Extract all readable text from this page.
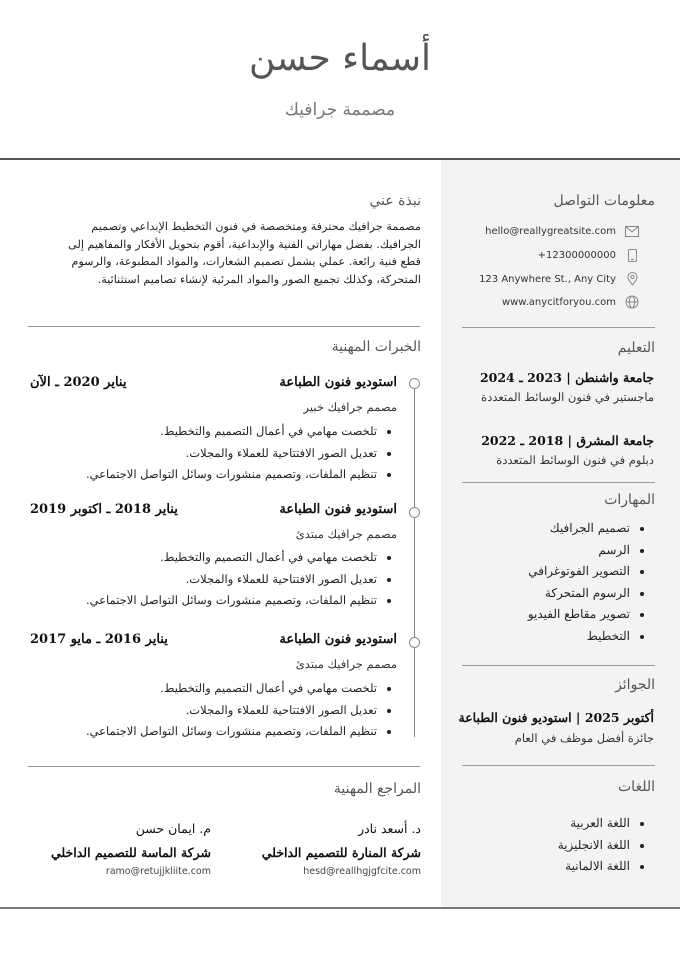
أسماء حسن
مصممة جرافيك
معلومات التواصل
hello@reallygreatsite.com
+12300000000
123 Anywhere St., Any City
www.anycitforyou.com
التعليم
جامعة واشنطن | 2023 ـ 2024
ماجستير في فنون الوسائط المتعددة
جامعة المشرق | 2018 ـ 2022
دبلوم في فنون الوسائط المتعددة
المهارات
• تصميم الجرافيك
• الرسم
• التصوير الفوتوغرافي
• الرسوم المتحركة
• تصوير مقاطع الفيديو
• التخطيط
الجوائز
أكتوبر 2025 | استوديو فنون الطباعة
جائزة أفضل موظف في العام
اللغات
• اللغة العربية
• اللغة الانجليزية
• اللغة الالمانية
نبذة عني
مصممة جرافيك محترفة ومتخصصة في فنون التخطيط الإبداعي وتصميم
الجرافيك. بفضل مهاراتي الفنية والإبداعية، أقوم بتحويل الأفكار والمفاهيم إلى
قطع فنية رائعة. عملي يشمل تصميم الشعارات، والمواد المطبوعة، والرسوم
المتحركة، وكذلك تجميع الصور والمواد المرئية لإنشاء تصاميم استثنائية.
الخبرات المهنية
استوديو فنون الطباعة
يناير 2020 ـ الآن
مصمم جرافيك خبير
• تلخصت مهامي في أعمال التصميم والتخطيط.
• تعديل الصور الافتتاحية للعملاء والمجلات.
• تنظيم الملفات، وتصميم منشورات وسائل التواصل الاجتماعي.
استوديو فنون الطباعة
يناير 2018 ـ اكتوبر 2019
مصمم جرافيك مبتدئ
• تلخصت مهامي في أعمال التصميم والتخطيط.
• تعديل الصور الافتتاحية للعملاء والمجلات.
• تنظيم الملفات، وتصميم منشورات وسائل التواصل الاجتماعي.
استوديو فنون الطباعة
يناير 2016 ـ مايو 2017
مصمم جرافيك مبتدئ
• تلخصت مهامي في أعمال التصميم والتخطيط.
• تعديل الصور الافتتاحية للعملاء والمجلات.
• تنظيم الملفات، وتصميم منشورات وسائل التواصل الاجتماعي.
المراجع المهنية
د. أسعد نادر
شركة المنارة للتصميم الداخلي
hesd@reallhgjgfcite.com
م. ايمان حسن
شركة الماسة للتصميم الداخلي
ramo@retujjkliite.com
